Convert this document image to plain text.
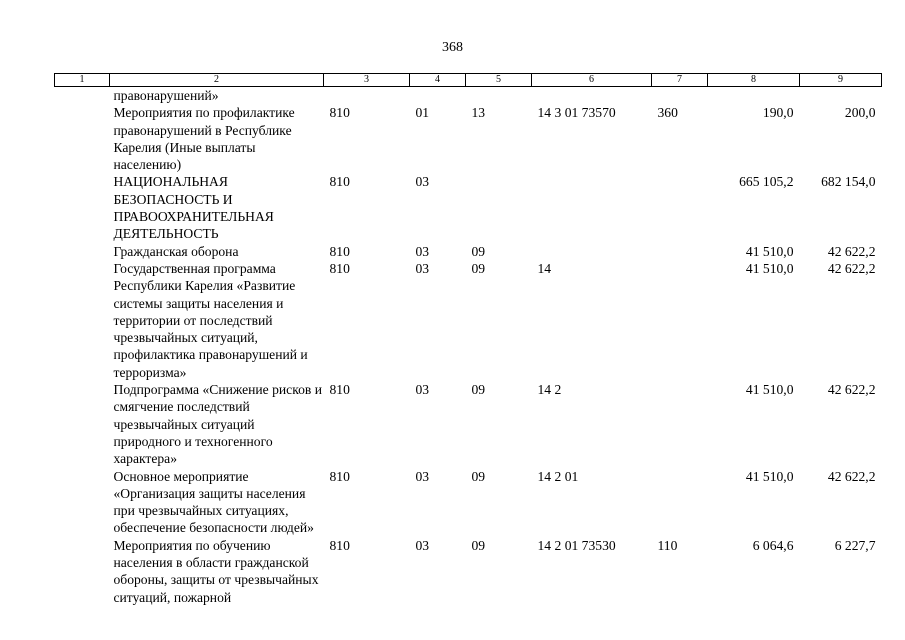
368
1	2	3	4	5	6	7	8	9
	правонарушений»							
	Мероприятия по профилактике правонарушений в Республике Карелия (Иные выплаты населению)	810	01	13	14 3 01 73570	360	190,0	200,0
	НАЦИОНАЛЬНАЯ БЕЗОПАСНОСТЬ И ПРАВООХРАНИТЕЛЬНАЯ ДЕЯТЕЛЬНОСТЬ	810	03				665 105,2	682 154,0
	Гражданская оборона	810	03	09			41 510,0	42 622,2
	Государственная программа Республики Карелия «Развитие системы защиты населения и территории от последствий чрезвычайных ситуаций, профилактика правонарушений и терроризма»	810	03	09	14		41 510,0	42 622,2
	Подпрограмма «Снижение рисков и смягчение последствий чрезвычайных ситуаций природного и техногенного характера»	810	03	09	14 2		41 510,0	42 622,2
	Основное мероприятие «Организация защиты населения при чрезвычайных ситуациях, обеспечение безопасности людей»	810	03	09	14 2 01		41 510,0	42 622,2
	Мероприятия по обучению населения в области гражданской обороны, защиты от чрезвычайных ситуаций, пожарной	810	03	09	14 2 01 73530	110	6 064,6	6 227,7
